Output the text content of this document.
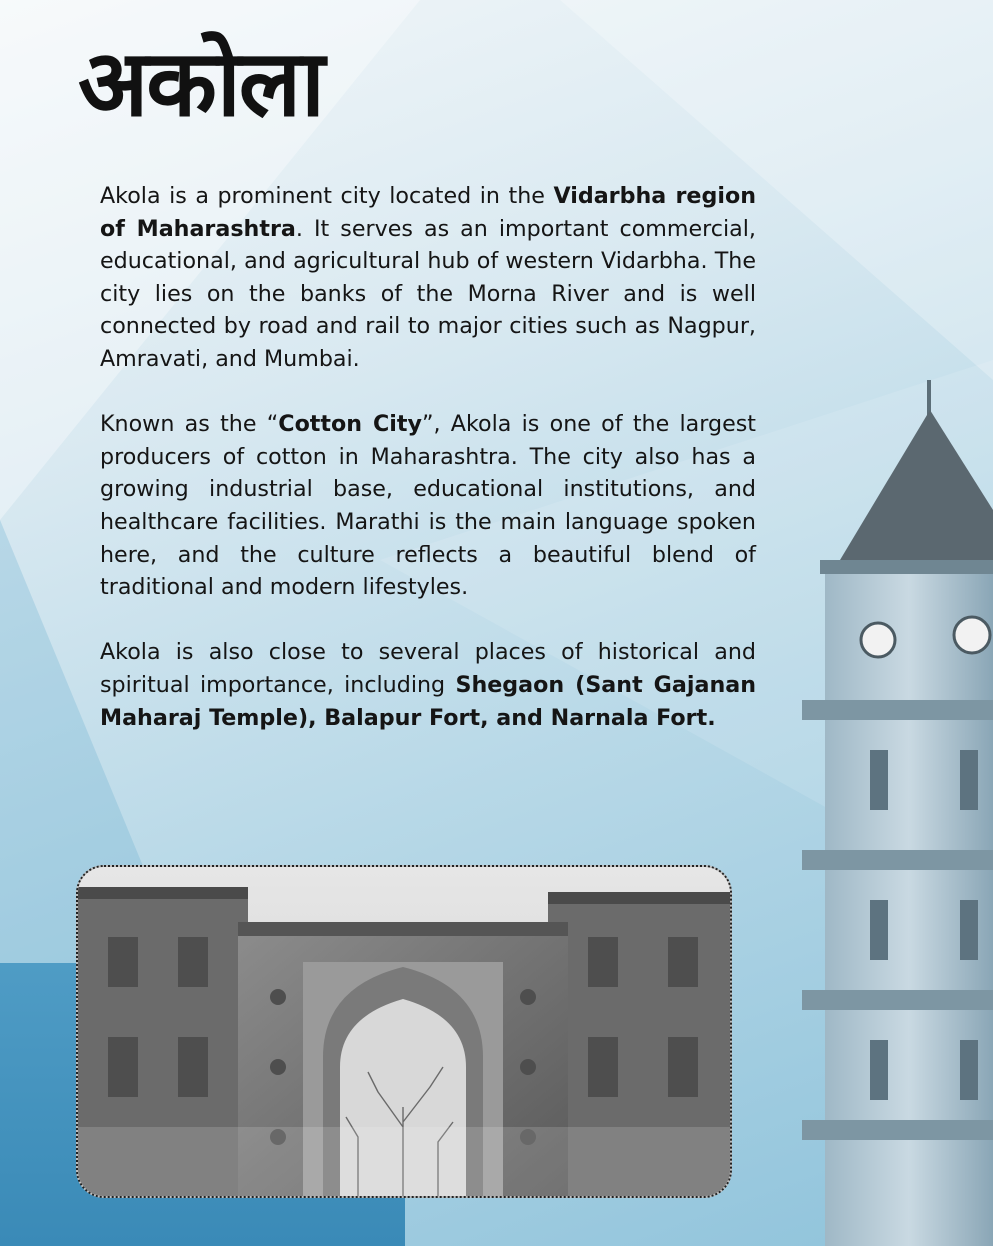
अकोला

Akola is a prominent city located in the Vidarbha region of Maharashtra. It serves as an important commercial, educational, and agricultural hub of western Vidarbha. The city lies on the banks of the Morna River and is well connected by road and rail to major cities such as Nagpur, Amravati, and Mumbai.

Known as the “Cotton City”, Akola is one of the largest producers of cotton in Maharashtra. The city also has a growing industrial base, educational institutions, and healthcare facilities. Marathi is the main language spoken here, and the culture reflects a beautiful blend of traditional and modern lifestyles.

Akola is also close to several places of historical and spiritual importance, including Shegaon (Sant Gajanan Maharaj Temple), Balapur Fort, and Narnala Fort.
